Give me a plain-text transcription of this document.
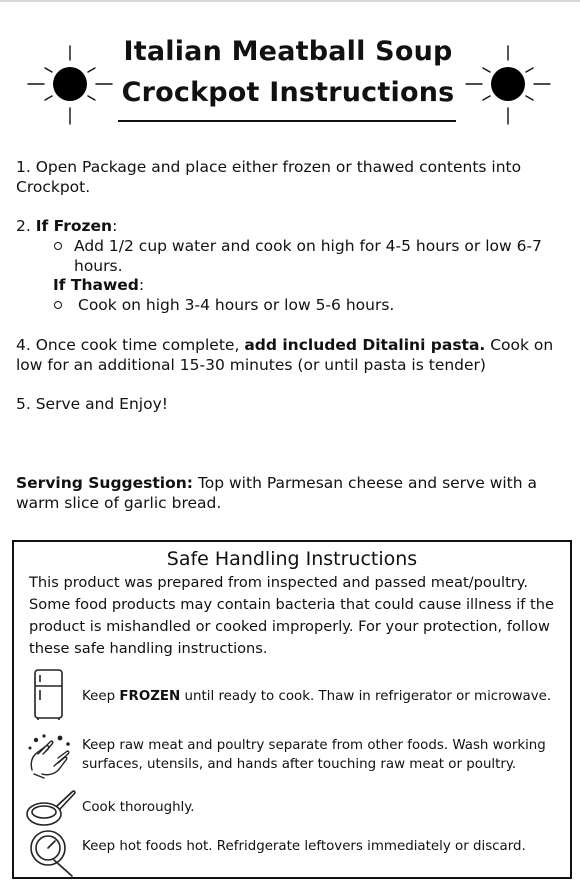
Italian Meatball Soup
Crockpot Instructions
1. Open Package and place either frozen or thawed contents into Crockpot.
2. If Frozen:
Add 1/2 cup water and cook on high for 4-5 hours or low 6-7 hours.
If Thawed:
Cook on high 3-4 hours or low 5-6 hours.
4. Once cook time complete, add included Ditalini pasta. Cook on low for an additional 15-30 minutes (or until pasta is tender)
5. Serve and Enjoy!
Serving Suggestion: Top with Parmesan cheese and serve with a warm slice of garlic bread.
Safe Handling Instructions
This product was prepared from inspected and passed meat/poultry. Some food products may contain bacteria that could cause illness if the product is mishandled or cooked improperly. For your protection, follow these safe handling instructions.
Keep FROZEN until ready to cook. Thaw in refrigerator or microwave.
Keep raw meat and poultry separate from other foods. Wash working surfaces, utensils, and hands after touching raw meat or poultry.
Cook thoroughly.
Keep hot foods hot. Refridgerate leftovers immediately or discard.
